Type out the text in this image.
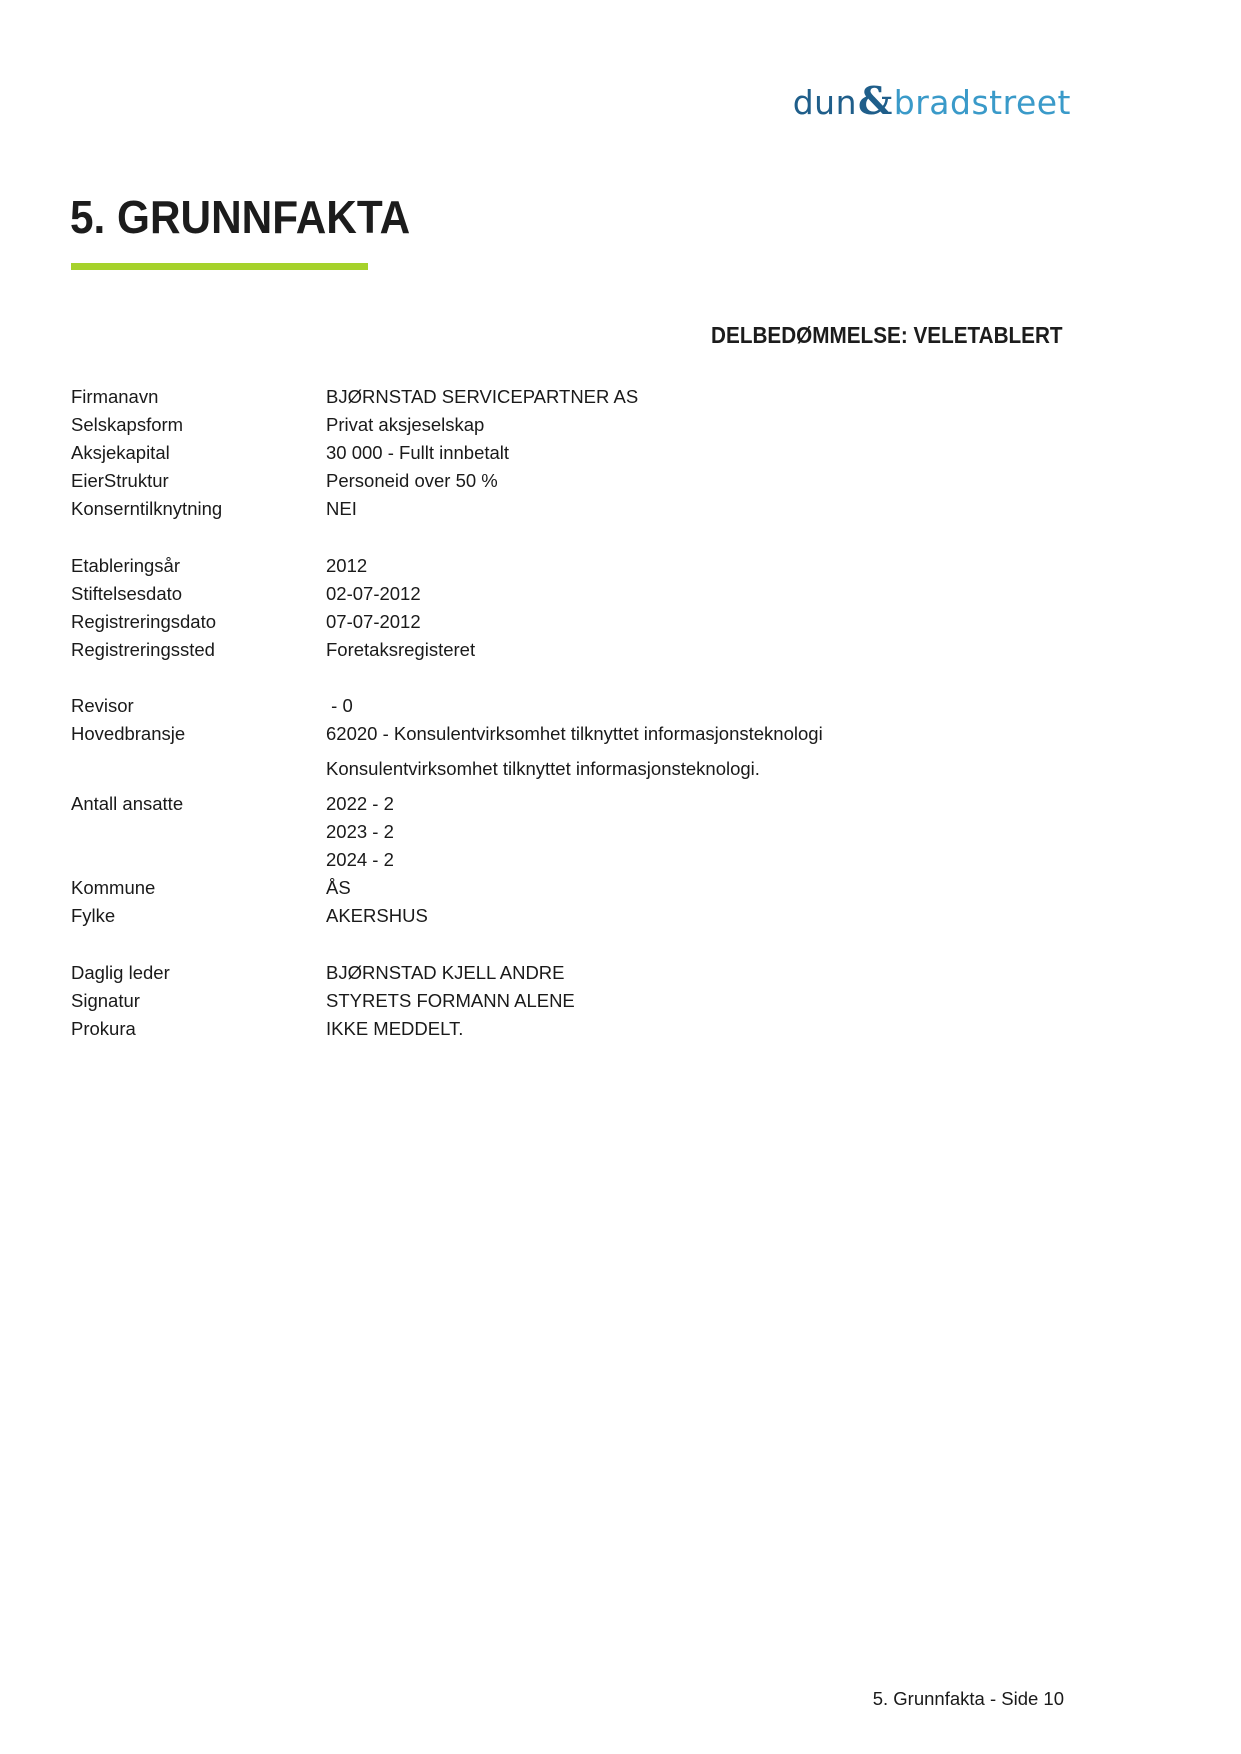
dun & bradstreet
5. GRUNNFAKTA
DELBEDØMMELSE: VELETABLERT
Firmanavn	BJØRNSTAD SERVICEPARTNER AS
Selskapsform	Privat aksjeselskap
Aksjekapital	30 000 - Fullt innbetalt
EierStruktur	Personeid over 50 %
Konserntilknytning	NEI
Etableringsår	2012
Stiftelsesdato	02-07-2012
Registreringsdato	07-07-2012
Registreringssted	Foretaksregisteret
Revisor	- 0
Hovedbransje	62020 - Konsulentvirksomhet tilknyttet informasjonsteknologi
Konsulentvirksomhet tilknyttet informasjonsteknologi.
Antall ansatte	2022 - 2
2023 - 2
2024 - 2
Kommune	ÅS
Fylke	AKERSHUS
Daglig leder	BJØRNSTAD KJELL ANDRE
Signatur	STYRETS FORMANN ALENE
Prokura	IKKE MEDDELT.
5. Grunnfakta - Side 10
